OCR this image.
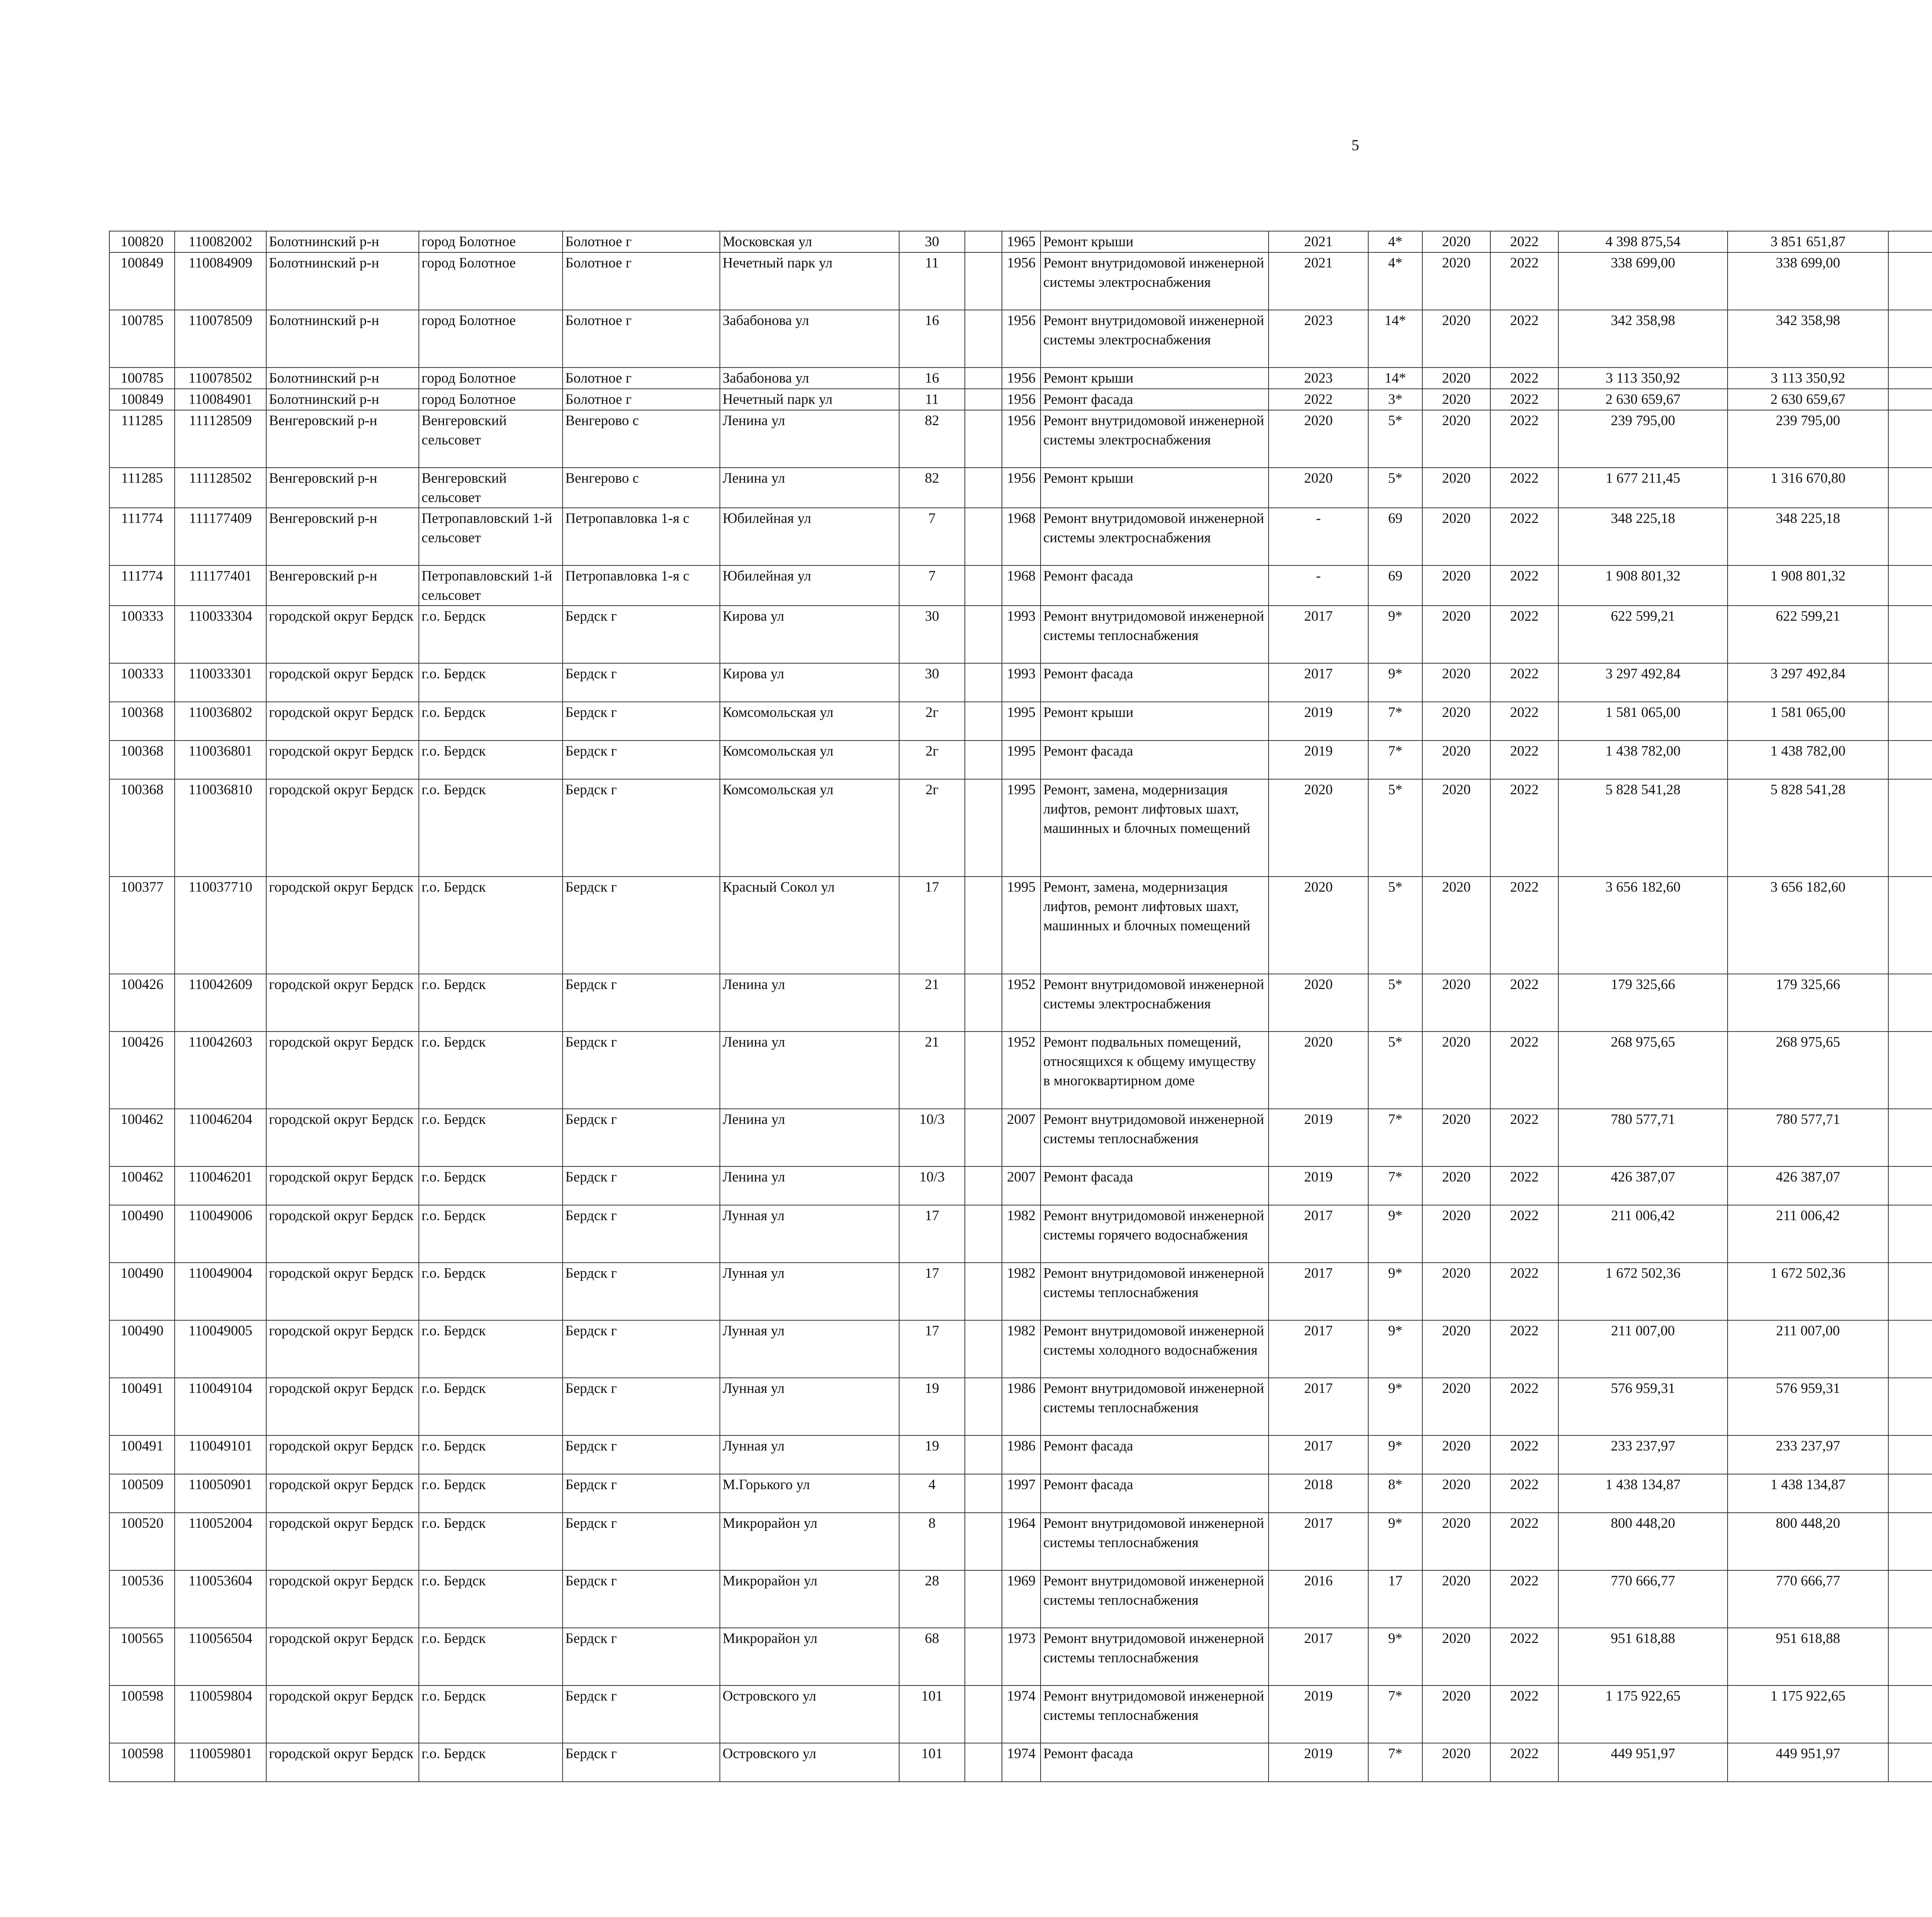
5
100820	110082002	Болотнинский р-н	город Болотное	Болотное г	Московская ул	30		1965	Ремонт крыши	2021	4*	2020	2022	4 398 875,54	3 851 651,87						
100849	110084909	Болотнинский р-н	город Болотное	Болотное г	Нечетный парк ул	11		1956	Ремонт внутридомовой инженерной системы электроснабжения	2021	4*	2020	2022	338 699,00	338 699,00						
100785	110078509	Болотнинский р-н	город Болотное	Болотное г	Забабонова ул	16		1956	Ремонт внутридомовой инженерной системы электроснабжения	2023	14*	2020	2022	342 358,98	342 358,98						
100785	110078502	Болотнинский р-н	город Болотное	Болотное г	Забабонова ул	16		1956	Ремонт крыши	2023	14*	2020	2022	3 113 350,92	3 113 350,92						
100849	110084901	Болотнинский р-н	город Болотное	Болотное г	Нечетный парк ул	11		1956	Ремонт фасада	2022	3*	2020	2022	2 630 659,67	2 630 659,67						
111285	111128509	Венгеровский р-н	Венгеровский сельсовет	Венгерово с	Ленина ул	82		1956	Ремонт внутридомовой инженерной системы электроснабжения	2020	5*	2020	2022	239 795,00	239 795,00						
111285	111128502	Венгеровский р-н	Венгеровский сельсовет	Венгерово с	Ленина ул	82		1956	Ремонт крыши	2020	5*	2020	2022	1 677 211,45	1 316 670,80						
111774	111177409	Венгеровский р-н	Петропавловский 1-й сельсовет	Петропавловка 1-я с	Юбилейная ул	7		1968	Ремонт внутридомовой инженерной системы электроснабжения	-	69	2020	2022	348 225,18	348 225,18						
111774	111177401	Венгеровский р-н	Петропавловский 1-й сельсовет	Петропавловка 1-я с	Юбилейная ул	7		1968	Ремонт фасада	-	69	2020	2022	1 908 801,32	1 908 801,32						
100333	110033304	городской округ Бердск	г.о. Бердск	Бердск г	Кирова ул	30		1993	Ремонт внутридомовой инженерной системы теплоснабжения	2017	9*	2020	2022	622 599,21	622 599,21						
100333	110033301	городской округ Бердск	г.о. Бердск	Бердск г	Кирова ул	30		1993	Ремонт фасада	2017	9*	2020	2022	3 297 492,84	3 297 492,84						
100368	110036802	городской округ Бердск	г.о. Бердск	Бердск г	Комсомольская ул	2г		1995	Ремонт крыши	2019	7*	2020	2022	1 581 065,00	1 581 065,00						
100368	110036801	городской округ Бердск	г.о. Бердск	Бердск г	Комсомольская ул	2г		1995	Ремонт фасада	2019	7*	2020	2022	1 438 782,00	1 438 782,00						
100368	110036810	городской округ Бердск	г.о. Бердск	Бердск г	Комсомольская ул	2г		1995	Ремонт, замена, модернизация лифтов, ремонт лифтовых шахт, машинных и блочных помещений	2020	5*	2020	2022	5 828 541,28	5 828 541,28						
100377	110037710	городской округ Бердск	г.о. Бердск	Бердск г	Красный Сокол ул	17		1995	Ремонт, замена, модернизация лифтов, ремонт лифтовых шахт, машинных и блочных помещений	2020	5*	2020	2022	3 656 182,60	3 656 182,60						
100426	110042609	городской округ Бердск	г.о. Бердск	Бердск г	Ленина ул	21		1952	Ремонт внутридомовой инженерной системы электроснабжения	2020	5*	2020	2022	179 325,66	179 325,66						
100426	110042603	городской округ Бердск	г.о. Бердск	Бердск г	Ленина ул	21		1952	Ремонт подвальных помещений, относящихся к общему имуществу в многоквартирном доме	2020	5*	2020	2022	268 975,65	268 975,65						
100462	110046204	городской округ Бердск	г.о. Бердск	Бердск г	Ленина ул	10/3		2007	Ремонт внутридомовой инженерной системы теплоснабжения	2019	7*	2020	2022	780 577,71	780 577,71						
100462	110046201	городской округ Бердск	г.о. Бердск	Бердск г	Ленина ул	10/3		2007	Ремонт фасада	2019	7*	2020	2022	426 387,07	426 387,07						
100490	110049006	городской округ Бердск	г.о. Бердск	Бердск г	Лунная ул	17		1982	Ремонт внутридомовой инженерной системы горячего водоснабжения	2017	9*	2020	2022	211 006,42	211 006,42						
100490	110049004	городской округ Бердск	г.о. Бердск	Бердск г	Лунная ул	17		1982	Ремонт внутридомовой инженерной системы теплоснабжения	2017	9*	2020	2022	1 672 502,36	1 672 502,36						
100490	110049005	городской округ Бердск	г.о. Бердск	Бердск г	Лунная ул	17		1982	Ремонт внутридомовой инженерной системы холодного водоснабжения	2017	9*	2020	2022	211 007,00	211 007,00						
100491	110049104	городской округ Бердск	г.о. Бердск	Бердск г	Лунная ул	19		1986	Ремонт внутридомовой инженерной системы теплоснабжения	2017	9*	2020	2022	576 959,31	576 959,31						
100491	110049101	городской округ Бердск	г.о. Бердск	Бердск г	Лунная ул	19		1986	Ремонт фасада	2017	9*	2020	2022	233 237,97	233 237,97						
100509	110050901	городской округ Бердск	г.о. Бердск	Бердск г	М.Горького ул	4		1997	Ремонт фасада	2018	8*	2020	2022	1 438 134,87	1 438 134,87						
100520	110052004	городской округ Бердск	г.о. Бердск	Бердск г	Микрорайон ул	8		1964	Ремонт внутридомовой инженерной системы теплоснабжения	2017	9*	2020	2022	800 448,20	800 448,20						
100536	110053604	городской округ Бердск	г.о. Бердск	Бердск г	Микрорайон ул	28		1969	Ремонт внутридомовой инженерной системы теплоснабжения	2016	17	2020	2022	770 666,77	770 666,77						
100565	110056504	городской округ Бердск	г.о. Бердск	Бердск г	Микрорайон ул	68		1973	Ремонт внутридомовой инженерной системы теплоснабжения	2017	9*	2020	2022	951 618,88	951 618,88						
100598	110059804	городской округ Бердск	г.о. Бердск	Бердск г	Островского ул	101		1974	Ремонт внутридомовой инженерной системы теплоснабжения	2019	7*	2020	2022	1 175 922,65	1 175 922,65						
100598	110059801	городской округ Бердск	г.о. Бердск	Бердск г	Островского ул	101		1974	Ремонт фасада	2019	7*	2020	2022	449 951,97	449 951,97						
